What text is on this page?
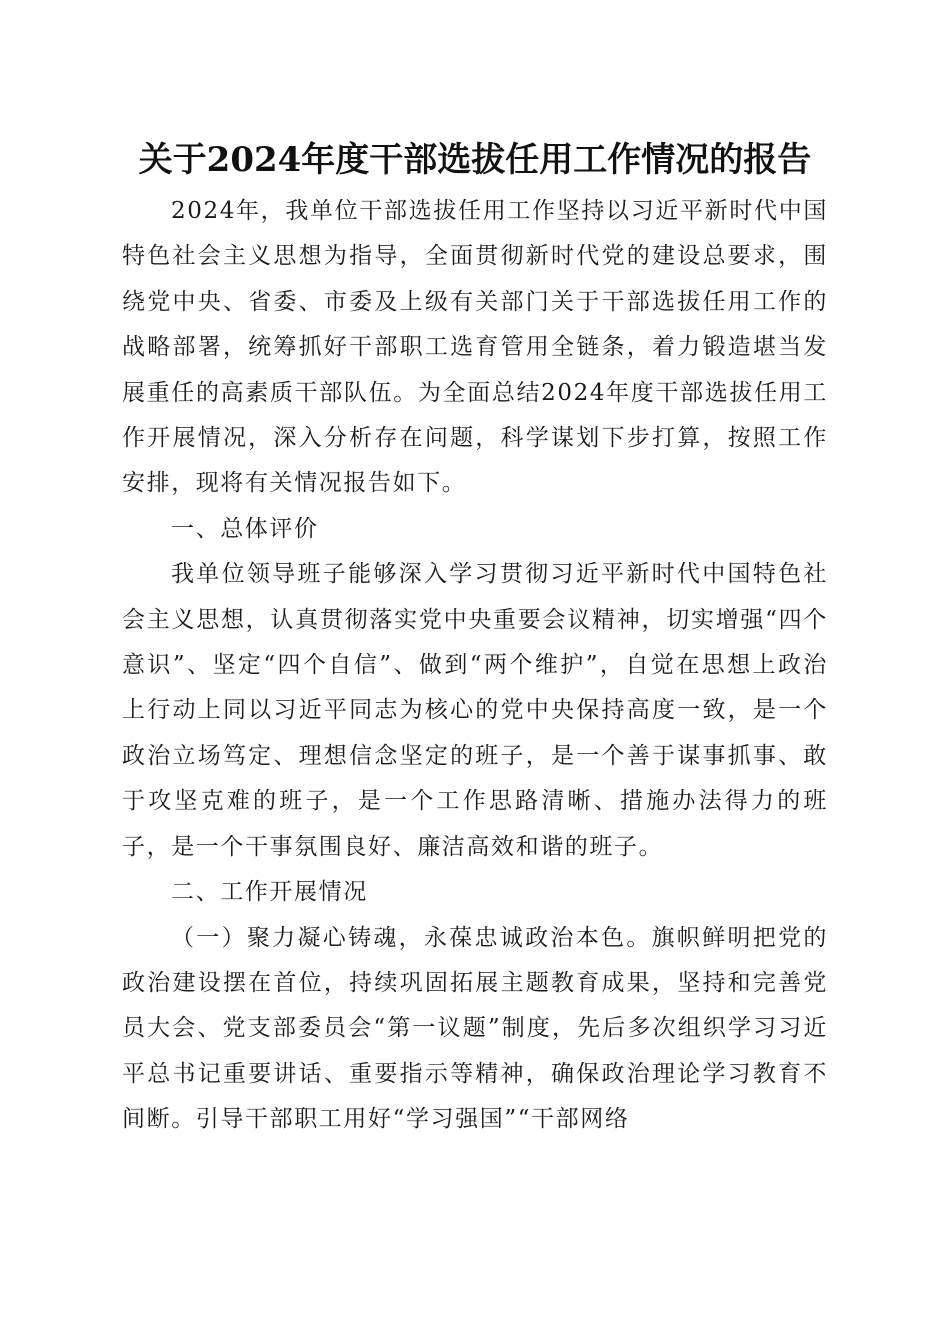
关于2024年度干部选拔任用工作情况的报告

2024年，我单位干部选拔任用工作坚持以习近平新时代中国特色社会主义思想为指导，全面贯彻新时代党的建设总要求，围绕党中央、省委、市委及上级有关部门关于干部选拔任用工作的战略部署，统筹抓好干部职工选育管用全链条，着力锻造堪当发展重任的高素质干部队伍。为全面总结2024年度干部选拔任用工作开展情况，深入分析存在问题，科学谋划下步打算，按照工作安排，现将有关情况报告如下。

一、总体评价

我单位领导班子能够深入学习贯彻习近平新时代中国特色社会主义思想，认真贯彻落实党中央重要会议精神，切实增强“四个意识”、坚定“四个自信”、做到“两个维护”，自觉在思想上政治上行动上同以习近平同志为核心的党中央保持高度一致，是一个政治立场笃定、理想信念坚定的班子，是一个善于谋事抓事、敢于攻坚克难的班子，是一个工作思路清晰、措施办法得力的班子，是一个干事氛围良好、廉洁高效和谐的班子。

二、工作开展情况

（一）聚力凝心铸魂，永葆忠诚政治本色。旗帜鲜明把党的政治建设摆在首位，持续巩固拓展主题教育成果，坚持和完善党员大会、党支部委员会“第一议题”制度，先后多次组织学习习近平总书记重要讲话、重要指示等精神，确保政治理论学习教育不间断。引导干部职工用好“学习强国”“干部网络
